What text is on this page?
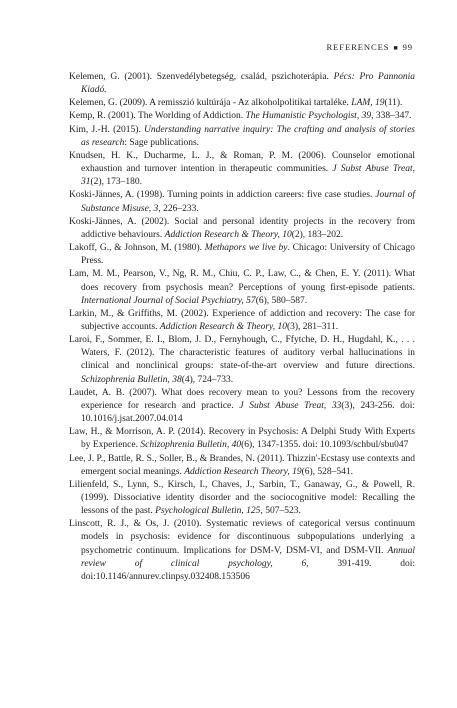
REFERENCES ■ 99

Kelemen, G. (2001). Szenvedélybetegség, család, pszichoterápia. Pécs: Pro Pannonia Kiadó.

Kelemen, G. (2009). A remisszió kultúrája - Az alkoholpolitikai tartaléke. LAM, 19(11).

Kemp, R. (2001). The Worlding of Addiction. The Humanistic Psychologist, 39, 338–347.

Kim, J.-H. (2015). Understanding narrative inquiry: The crafting and analysis of stories as research: Sage publications.

Knudsen, H. K., Ducharme, L. J., & Roman, P. M. (2006). Counselor emotional exhaustion and turnover intention in therapeutic communities. J Subst Abuse Treat, 31(2), 173–180.

Koski-Jännes, A. (1998). Turning points in addiction careers: five case studies. Journal of Substance Misuse, 3, 226–233.

Koski-Jännes, A. (2002). Social and personal identity projects in the recovery from addictive behaviours. Addiction Research & Theory, 10(2), 183–202.

Lakoff, G., & Johnson, M. (1980). Methapors we live by. Chicago: University of Chicago Press.

Lam, M. M., Pearson, V., Ng, R. M., Chiu, C. P., Law, C., & Chen, E. Y. (2011). What does recovery from psychosis mean? Perceptions of young first-episode patients. International Journal of Social Psychiatry, 57(6), 580–587.

Larkin, M., & Griffiths, M. (2002). Experience of addiction and recovery: The case for subjective accounts. Addiction Research & Theory, 10(3), 281–311.

Laroi, F., Sommer, E. I., Blom, J. D., Fernyhough, C., Ffytche, D. H., Hugdahl, K., . . . Waters, F. (2012). The characteristic features of auditory verbal hallucinations in clinical and nonclinical groups: state-of-the-art overview and future directions. Schizophrenia Bulletin, 38(4), 724–733.

Laudet, A. B. (2007). What does recovery mean to you? Lessons from the recovery experience for research and practice. J Subst Abuse Treat, 33(3), 243-256. doi: 10.1016/j.jsat.2007.04.014

Law, H., & Morrison, A. P. (2014). Recovery in Psychosis: A Delphi Study With Experts by Experience. Schizophrenia Bulletin, 40(6), 1347-1355. doi: 10.1093/schbul/sbu047

Lee, J. P., Battle, R. S., Soller, B., & Brandes, N. (2011). Thizzin'-Ecstasy use contexts and emergent social meanings. Addiction Research Theory, 19(6), 528–541.

Lilienfeld, S., Lynn, S., Kirsch, I., Chaves, J., Sarbin, T., Ganaway, G., & Powell, R. (1999). Dissociative identity disorder and the sociocognitive model: Recalling the lessons of the past. Psychological Bulletin, 125, 507–523.

Linscott, R. J., & Os, J. (2010). Systematic reviews of categorical versus continuum models in psychosis: evidence for discontinuous subpopulations underlying a psychometric continuum. Implications for DSM-V, DSM-VI, and DSM-VII. Annual review of clinical psychology, 6, 391-419. doi: doi:10.1146/annurev.clinpsy.032408.153506
